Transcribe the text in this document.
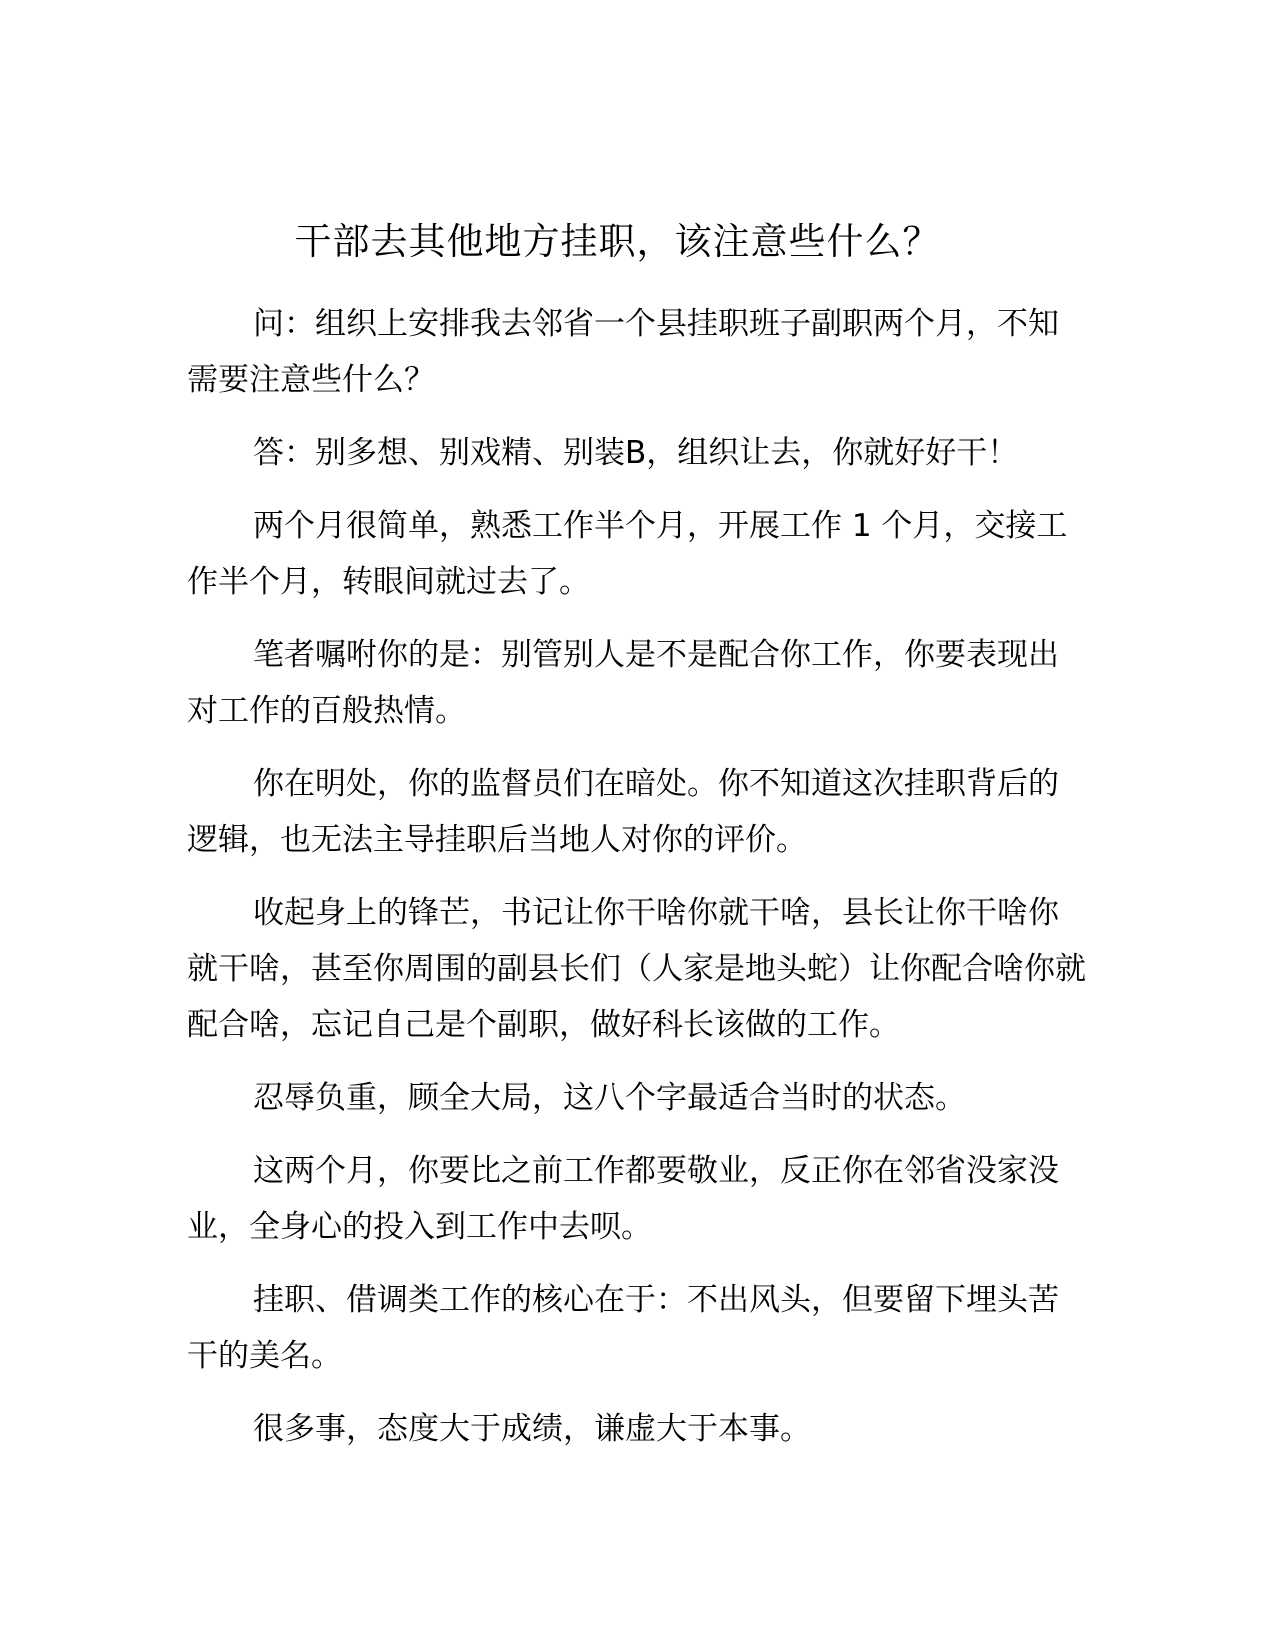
干部去其他地方挂职，该注意些什么？

问：组织上安排我去邻省一个县挂职班子副职两个月，不知需要注意些什么？

答：别多想、别戏精、别装B，组织让去，你就好好干！

两个月很简单，熟悉工作半个月，开展工作 1 个月，交接工作半个月，转眼间就过去了。

笔者嘱咐你的是：别管别人是不是配合你工作，你要表现出对工作的百般热情。

你在明处，你的监督员们在暗处。你不知道这次挂职背后的逻辑，也无法主导挂职后当地人对你的评价。

收起身上的锋芒，书记让你干啥你就干啥，县长让你干啥你就干啥，甚至你周围的副县长们（人家是地头蛇）让你配合啥你就配合啥，忘记自己是个副职，做好科长该做的工作。

忍辱负重，顾全大局，这八个字最适合当时的状态。

这两个月，你要比之前工作都要敬业，反正你在邻省没家没业，全身心的投入到工作中去呗。

挂职、借调类工作的核心在于：不出风头，但要留下埋头苦干的美名。

很多事，态度大于成绩，谦虚大于本事。
